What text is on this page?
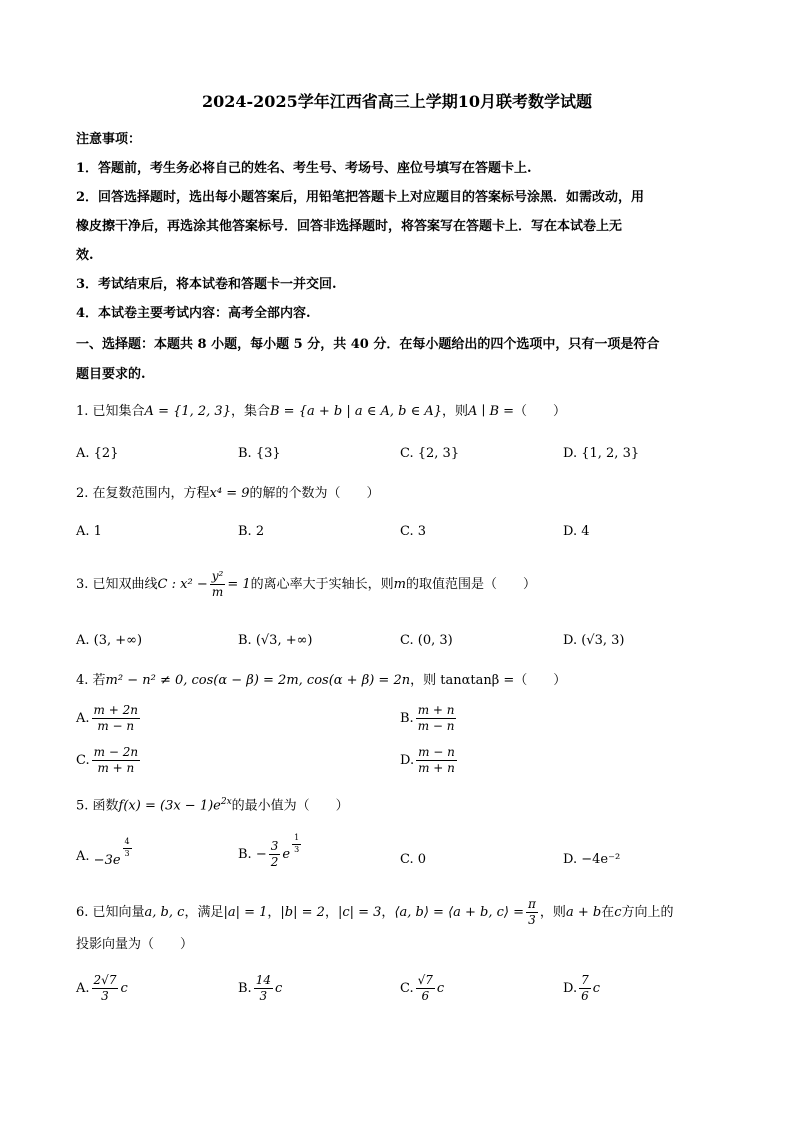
2024-2025学年江西省高三上学期10月联考数学试题
注意事项：
1．答题前，考生务必将自己的姓名、考生号、考场号、座位号填写在答题卡上.
2．回答选择题时，选出每小题答案后，用铅笔把答题卡上对应题目的答案标号涂黑．如需改动，用
橡皮擦干净后，再选涂其他答案标号．回答非选择题时，将答案写在答题卡上．写在本试卷上无
效.
3．考试结束后，将本试卷和答题卡一并交回.
4．本试卷主要考试内容：高考全部内容.
一、选择题：本题共 8 小题，每小题 5 分，共 40 分．在每小题给出的四个选项中，只有一项是符合
题目要求的.
1. 已知集合A = {1, 2, 3}，集合B = {a + b | a ∈ A, b ∈ A}，则A ∣ B =（　　）
A. {2}	B. {3}	C. {2, 3}	D. {1, 2, 3}
2. 在复数范围内，方程x⁴ = 9的解的个数为（　　）
A. 1	B. 2	C. 3	D. 4
3. 已知双曲线C : $x^2 - \frac{\text{y²}}{m} = 1$的离心率大于实轴长，则m的取值范围是（　　）
A. (3, +∞)	B. (√3, +∞)	C. (0, 3)	D. (√3, 3)
4. 若m² − n² ≠ 0, cos(α − β) = 2m, cos(α + β) = 2n，则 tanαtanβ =（　　）
A. $\frac{m + 2n}{m - n}$	B. $\frac{m + n}{m - n}$
C. $\frac{m - 2n}{m + n}$	D. $\frac{m - n}{m + n}$
5. 函数$f(x) = (3x - 1)e^{2x}$的最小值为（　　）
A. −3e
$\frac{4}{3}$	B. − $\frac{3}{2}$ e $\frac{1}{3}$
C. 0	D. −4e⁻²
6. 已知向量a, b, c，满足|a| = 1，|b| = 2，|c| = 3，⟨a, b⟩ = ⟨a + b, c⟩ = $\frac{\pi}{3}$ ，则a + b在c方向上的
投影向量为（　　）
A. $\frac{2√7}{3}$ c	B. $\frac{14}{3}$ c	C. $\frac{√7}{6}$ c	D. $\frac{7}{6}$ c
